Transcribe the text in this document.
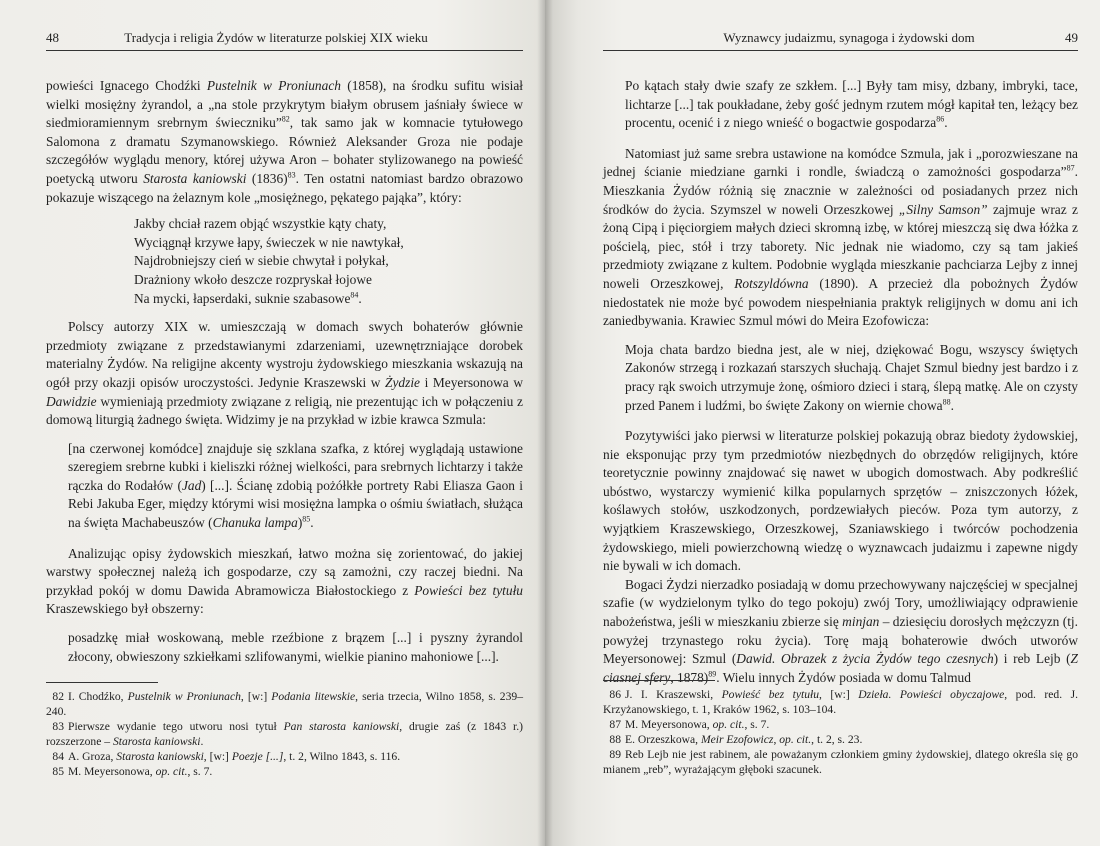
48	Tradycja i religia Żydów w literaturze polskiej XIX wieku

powieści Ignacego Chodźki Pustelnik w Proniunach (1858), na środku sufitu wisiał wielki mosiężny żyrandol, a „na stole przykrytym białym obrusem jaśniały świece w siedmioramiennym srebrnym świeczniku”$^{82}$, tak samo jak w komnacie tytułowego Salomona z dramatu Szymanowskiego. Również Aleksander Groza nie podaje szczegółów wyglądu menory, której używa Aron – bohater stylizowanego na powieść poetycką utworu Starosta kaniowski $(1836)^{83}$. Ten ostatni natomiast bardzo obrazowo pokazuje wiszącego na żelaznym kole „mosiężnego, pękatego pająka”, który:

Jakby chciał razem objąć wszystkie kąty chaty,
Wyciągnął krzywe łapy, świeczek w nie nawtykał,
Najdrobniejszy cień w siebie chwytał i połykał,
Drażniony wkoło deszcze rozpryskał łojowe
Na mycki, łapserdaki, suknie szabasowe$^{84}$.

Polscy autorzy XIX w. umieszczają w domach swych bohaterów głównie przedmioty związane z przedstawianymi zdarzeniami, uzewnętrzniające dorobek materialny Żydów. Na religijne akcenty wystroju żydowskiego mieszkania wskazują na ogół przy okazji opisów uroczystości. Jedynie Kraszewski w Żydzie i Meyersonowa w Dawidzie wymieniają przedmioty związane z religią, nie prezentując ich w połączeniu z domową liturgią żadnego święta. Widzimy je na przykład w izbie krawca Szmula:

[na czerwonej komódce] znajduje się szklana szafka, z której wyglądają ustawione szeregiem srebrne kubki i kieliszki różnej wielkości, para srebrnych lichtarzy i także rączka do Rodałów (Jad) [...]. Ścianę zdobią pożółkłe portrety Rabi Eliasza Gaon i Rebi Jakuba Eger, między którymi wisi mosiężna lampka o ośmiu światłach, służąca na święta Machabeuszów (Chanuka lampa)$^{85}$.

Analizując opisy żydowskich mieszkań, łatwo można się zorientować, do jakiej warstwy społecznej należą ich gospodarze, czy są zamożni, czy raczej biedni. Na przykład pokój w domu Dawida Abramowicza Białostockiego z Powieści bez tytułu Kraszewskiego był obszerny:

posadzkę miał woskowaną, meble rzeźbione z brązem [...] i pyszny żyrandol złocony, obwieszony szkiełkami szlifowanymi, wielkie pianino mahoniowe [...].
82 I. Chodźko, Pustelnik w Proniunach, [w:] Podania litewskie, seria trzecia, Wilno 1858, s. 239–240.
83 Pierwsze wydanie tego utworu nosi tytuł Pan starosta kaniowski, drugie zaś (z 1843 r.) rozszerzone – Starosta kaniowski.
84 A. Groza, Starosta kaniowski, [w:] Poezje [...], t. 2, Wilno 1843, s. 116.
85 M. Meyersonowa, op. cit., s. 7.
Wyznawcy judaizmu, synagoga i żydowski dom	49
Po kątach stały dwie szafy ze szkłem. [...] Były tam misy, dzbany, imbryki, tace, lichtarze [...] tak poukładane, żeby gość jednym rzutem mógł kapitał ten, leżący bez procentu, ocenić i z niego wnieść o bogactwie gospodarza$^{86}$.

Natomiast już same srebra ustawione na komódce Szmula, jak i „porozwieszane na jednej ścianie miedziane garnki i rondle, świadczą o zamożności gospodarza”$^{87}$. Mieszkania Żydów różnią się znacznie w zależności od posiadanych przez nich środków do życia. Szymszel w noweli Orzeszkowej „Silny Samson” zajmuje wraz z żoną Cipą i pięciorgiem małych dzieci skromną izbę, w której mieszczą się dwa łóżka z pościelą, piec, stół i trzy taborety. Nic jednak nie wiadomo, czy są tam jakieś przedmioty związane z kultem. Podobnie wygląda mieszkanie pachciarza Lejby z innej noweli Orzeszkowej, Rotszyldówna (1890). A przecież dla pobożnych Żydów niedostatek nie może być powodem niespełniania praktyk religijnych w domu ani ich zaniedbywania. Krawiec Szmul mówi do Meira Ezofowicza:

Moja chata bardzo biedna jest, ale w niej, dziękować Bogu, wszyscy świętych Zakonów strzegą i rozkazań starszych słuchają. Chajet Szmul biedny jest bardzo i z pracy rąk swoich utrzymuje żonę, ośmioro dzieci i starą, ślepą matkę. Ale on czysty przed Panem i ludźmi, bo święte Zakony on wiernie chowa$^{88}$.

Pozytywiści jako pierwsi w literaturze polskiej pokazują obraz biedoty żydowskiej, nie eksponując przy tym przedmiotów niezbędnych do obrzędów religijnych, które teoretycznie powinny znajdować się nawet w ubogich domostwach. Aby podkreślić ubóstwo, wystarczy wymienić kilka popularnych sprzętów – zniszczonych łóżek, koślawych stołów, uszkodzonych, pordzewiałych pieców. Poza tym autorzy, z wyjątkiem Kraszewskiego, Orzeszkowej, Szaniawskiego i twórców pochodzenia żydowskiego, mieli powierzchowną wiedzę o wyznawcach judaizmu i zapewne nigdy nie bywali w ich domach.

Bogaci Żydzi nierzadko posiadają w domu przechowywany najczęściej w specjalnej szafie (w wydzielonym tylko do tego pokoju) zwój Tory, umożliwiający odprawienie nabożeństwa, jeśli w mieszkaniu zbierze się minjan – dziesięciu dorosłych mężczyzn (tj. powyżej trzynastego roku życia). Torę mają bohaterowie dwóch utworów Meyersonowej: Szmul (Dawid. Obrazek z życia Żydów tego czesnych) i reb Lejb (Z ciasnej sfery, 1878)$^{89}$. Wielu innych Żydów posiada w domu Talmud

86 J. I. Kraszewski, Powieść bez tytułu, [w:] Dzieła. Powieści obyczajowe, pod. red. J. Krzyżanowskiego, t. 1, Kraków 1962, s. 103–104.
87 M. Meyersonowa, op. cit., s. 7.
88 E. Orzeszkowa, Meir Ezofowicz, op. cit., t. 2, s. 23.
89 Reb Lejb nie jest rabinem, ale poważanym członkiem gminy żydowskiej, dlatego określa się go mianem „reb”, wyrażającym głęboki szacunek.
